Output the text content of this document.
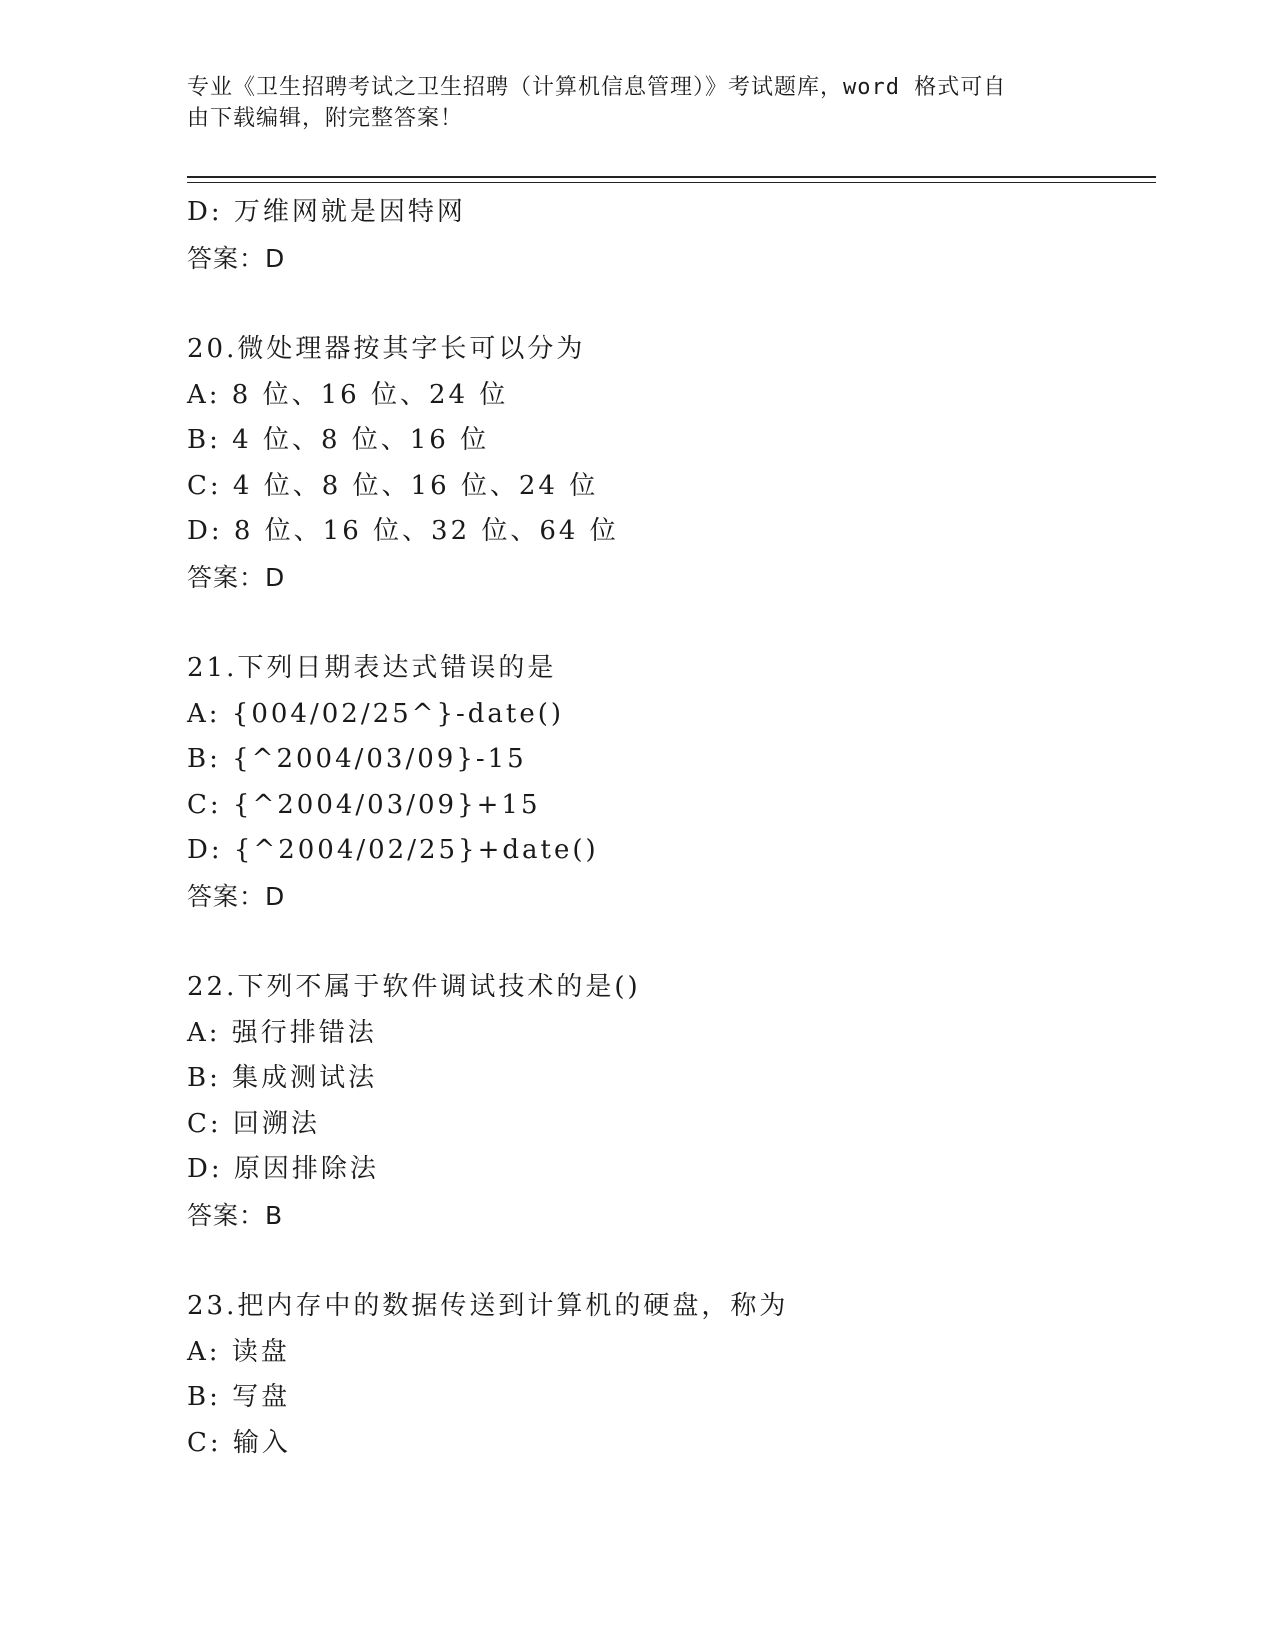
专业《卫生招聘考试之卫生招聘（计算机信息管理）》考试题库，word 格式可自
由下载编辑，附完整答案！
D: 万维网就是因特网
答案：D
20.微处理器按其字长可以分为
A: 8 位、16 位、24 位
B: 4 位、8 位、16 位
C: 4 位、8 位、16 位、24 位
D: 8 位、16 位、32 位、64 位
答案：D
21.下列日期表达式错误的是
A: {004/02/25^}-date()
B: {^2004/03/09}-15
C: {^2004/03/09}+15
D: {^2004/02/25}+date()
答案：D
22.下列不属于软件调试技术的是()
A: 强行排错法
B: 集成测试法
C: 回溯法
D: 原因排除法
答案：B
23.把内存中的数据传送到计算机的硬盘，称为
A: 读盘
B: 写盘
C: 输入
